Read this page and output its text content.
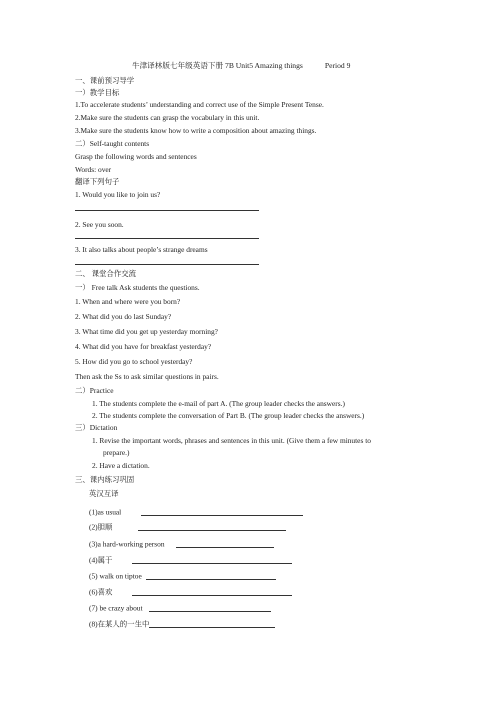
牛津译林版七年级英语下册 7B Unit5 Amazing things	Period 9
一、课前预习导学
一）教学目标
1.To accelerate students’ understanding and correct use of the Simple Present Tense.
2.Make sure the students can grasp the vocabulary in this unit.
3.Make sure the students know how to write a composition about amazing things.
二）Self-taught contents
Grasp the following words and sentences
Words: over
翻译下列句子
1. Would you like to join us?
2. See you soon.
3. It also talks about people’s strange dreams
二、 课堂合作交流
一） Free talk Ask students the questions.
1. When and where were you born?
2. What did you do last Sunday?
3. What time did you get up yesterday morning?
4. What did you have for breakfast yesterday?
5. How did you go to school yesterday?
Then ask the Ss to ask similar questions in pairs.
二）Practice
1. The students complete the e-mail of part A. (The group leader checks the answers.)
2. The students complete the conversation of Part B. (The group leader checks the answers.)
三）Dictation
1. Revise the important words, phrases and sentences in this unit. (Give them a few minutes to
prepare.)
2. Have a dictation.
三、课内练习巩固
英汉互译
(1)as usual
(2)胆顺
(3)a hard-working person
(4)属于
(5) walk on tiptoe
(6)喜欢
(7) be crazy about
(8)在某人的一生中
